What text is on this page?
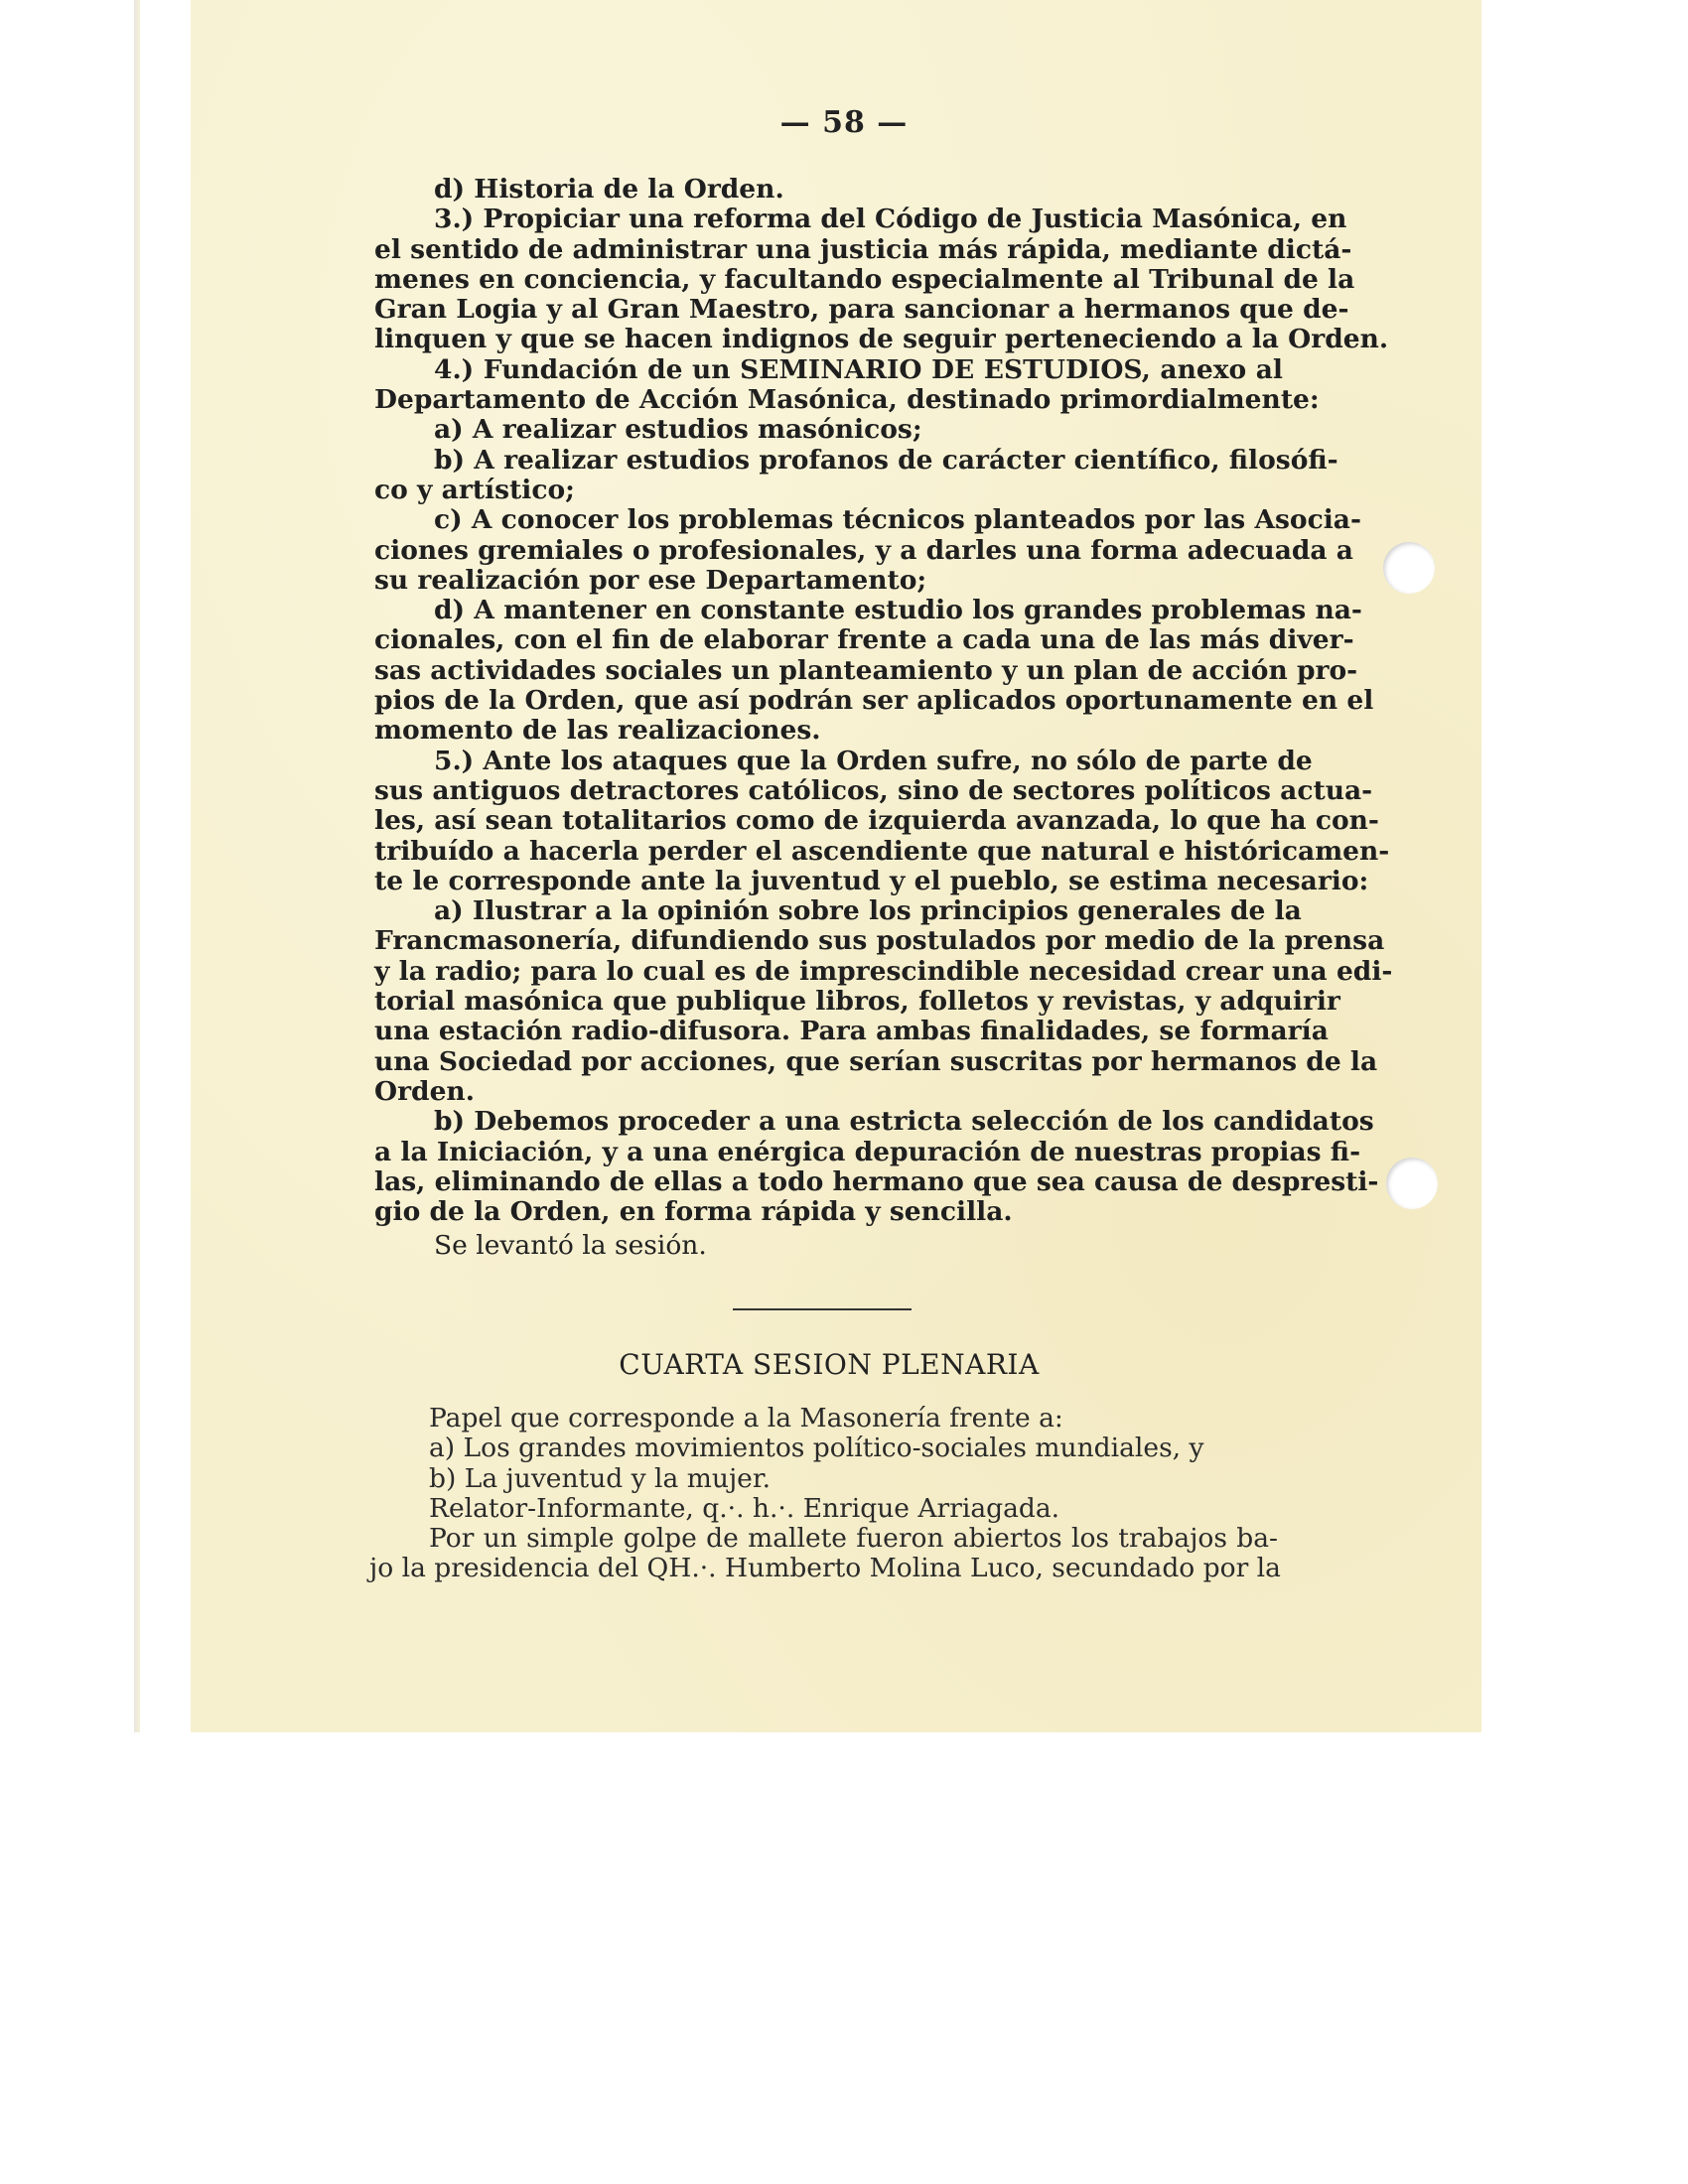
— 58 —
d) Historia de la Orden.
3.) Propiciar una reforma del Código de Justicia Masónica, en
el sentido de administrar una justicia más rápida, mediante dictá-
menes en conciencia, y facultando especialmente al Tribunal de la
Gran Logia y al Gran Maestro, para sancionar a hermanos que de-
linquen y que se hacen indignos de seguir perteneciendo a la Orden.
4.) Fundación de un SEMINARIO DE ESTUDIOS, anexo al
Departamento de Acción Masónica, destinado primordialmente:
a) A realizar estudios masónicos;
b) A realizar estudios profanos de carácter científico, filosófi-
co y artístico;
c) A conocer los problemas técnicos planteados por las Asocia-
ciones gremiales o profesionales, y a darles una forma adecuada a
su realización por ese Departamento;
d) A mantener en constante estudio los grandes problemas na-
cionales, con el fin de elaborar frente a cada una de las más diver-
sas actividades sociales un planteamiento y un plan de acción pro-
pios de la Orden, que así podrán ser aplicados oportunamente en el
momento de las realizaciones.
5.) Ante los ataques que la Orden sufre, no sólo de parte de
sus antiguos detractores católicos, sino de sectores políticos actua-
les, así sean totalitarios como de izquierda avanzada, lo que ha con-
tribuído a hacerla perder el ascendiente que natural e históricamen-
te le corresponde ante la juventud y el pueblo, se estima necesario:
a) Ilustrar a la opinión sobre los principios generales de la
Francmasonería, difundiendo sus postulados por medio de la prensa
y la radio; para lo cual es de imprescindible necesidad crear una edi-
torial masónica que publique libros, folletos y revistas, y adquirir
una estación radio-difusora. Para ambas finalidades, se formaría
una Sociedad por acciones, que serían suscritas por hermanos de la
Orden.
b) Debemos proceder a una estricta selección de los candidatos
a la Iniciación, y a una enérgica depuración de nuestras propias fi-
las, eliminando de ellas a todo hermano que sea causa de despresti-
gio de la Orden, en forma rápida y sencilla.
Se levantó la sesión.
CUARTA SESION PLENARIA
Papel que corresponde a la Masonería frente a:
a) Los grandes movimientos político-sociales mundiales, y
b) La juventud y la mujer.
Relator-Informante, q.·. h.·. Enrique Arriagada.
Por un simple golpe de mallete fueron abiertos los trabajos ba-
jo la presidencia del QH.·. Humberto Molina Luco, secundado por la
